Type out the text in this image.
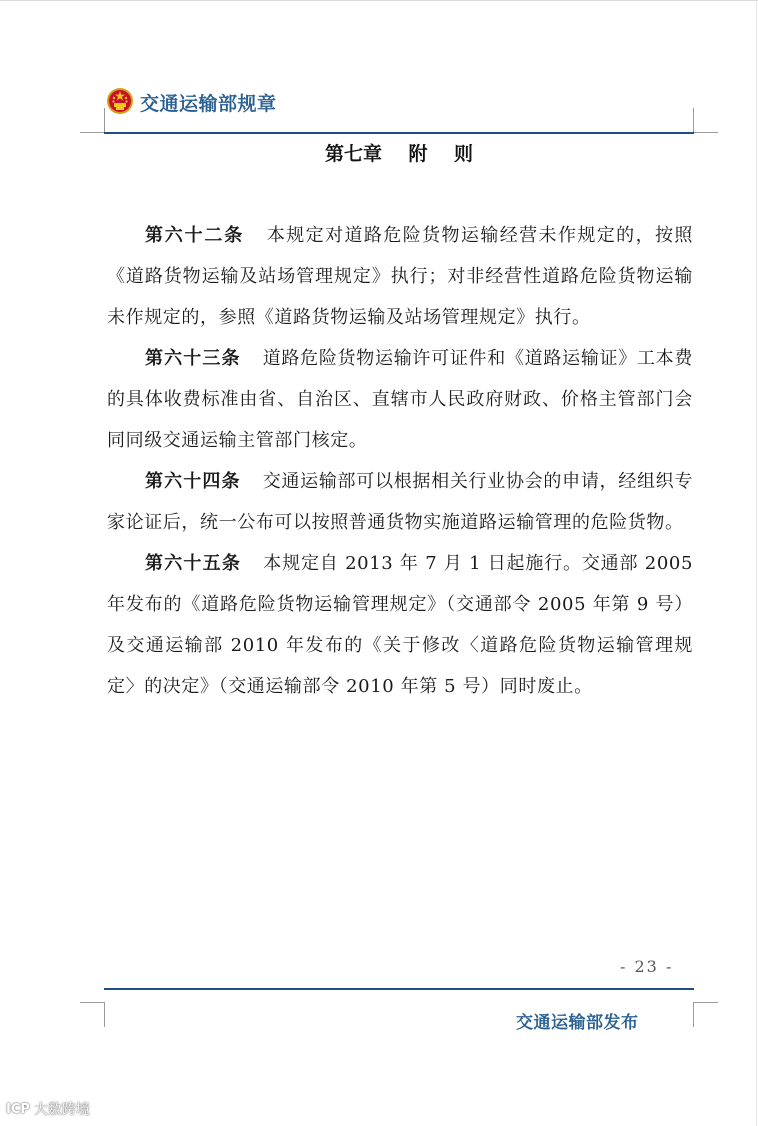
交通运输部规章
第七章    附    则

第六十二条 本规定对道路危险货物运输经营未作规定的，按照《道路货物运输及站场管理规定》执行；对非经营性道路危险货物运输未作规定的，参照《道路货物运输及站场管理规定》执行。

第六十三条 道路危险货物运输许可证件和《道路运输证》工本费的具体收费标准由省、自治区、直辖市人民政府财政、价格主管部门会同同级交通运输主管部门核定。

第六十四条 交通运输部可以根据相关行业协会的申请，经组织专家论证后，统一公布可以按照普通货物实施道路运输管理的危险货物。

第六十五条 本规定自 2013 年 7 月 1 日起施行。交通部 2005 年发布的《道路危险货物运输管理规定》（交通部令 2005 年第 9 号）及交通运输部 2010 年发布的《关于修改〈道路危险货物运输管理规定〉的决定》（交通运输部令 2010 年第 5 号）同时废止。

- 23 -
交通运输部发布
ICP 大数跨境
